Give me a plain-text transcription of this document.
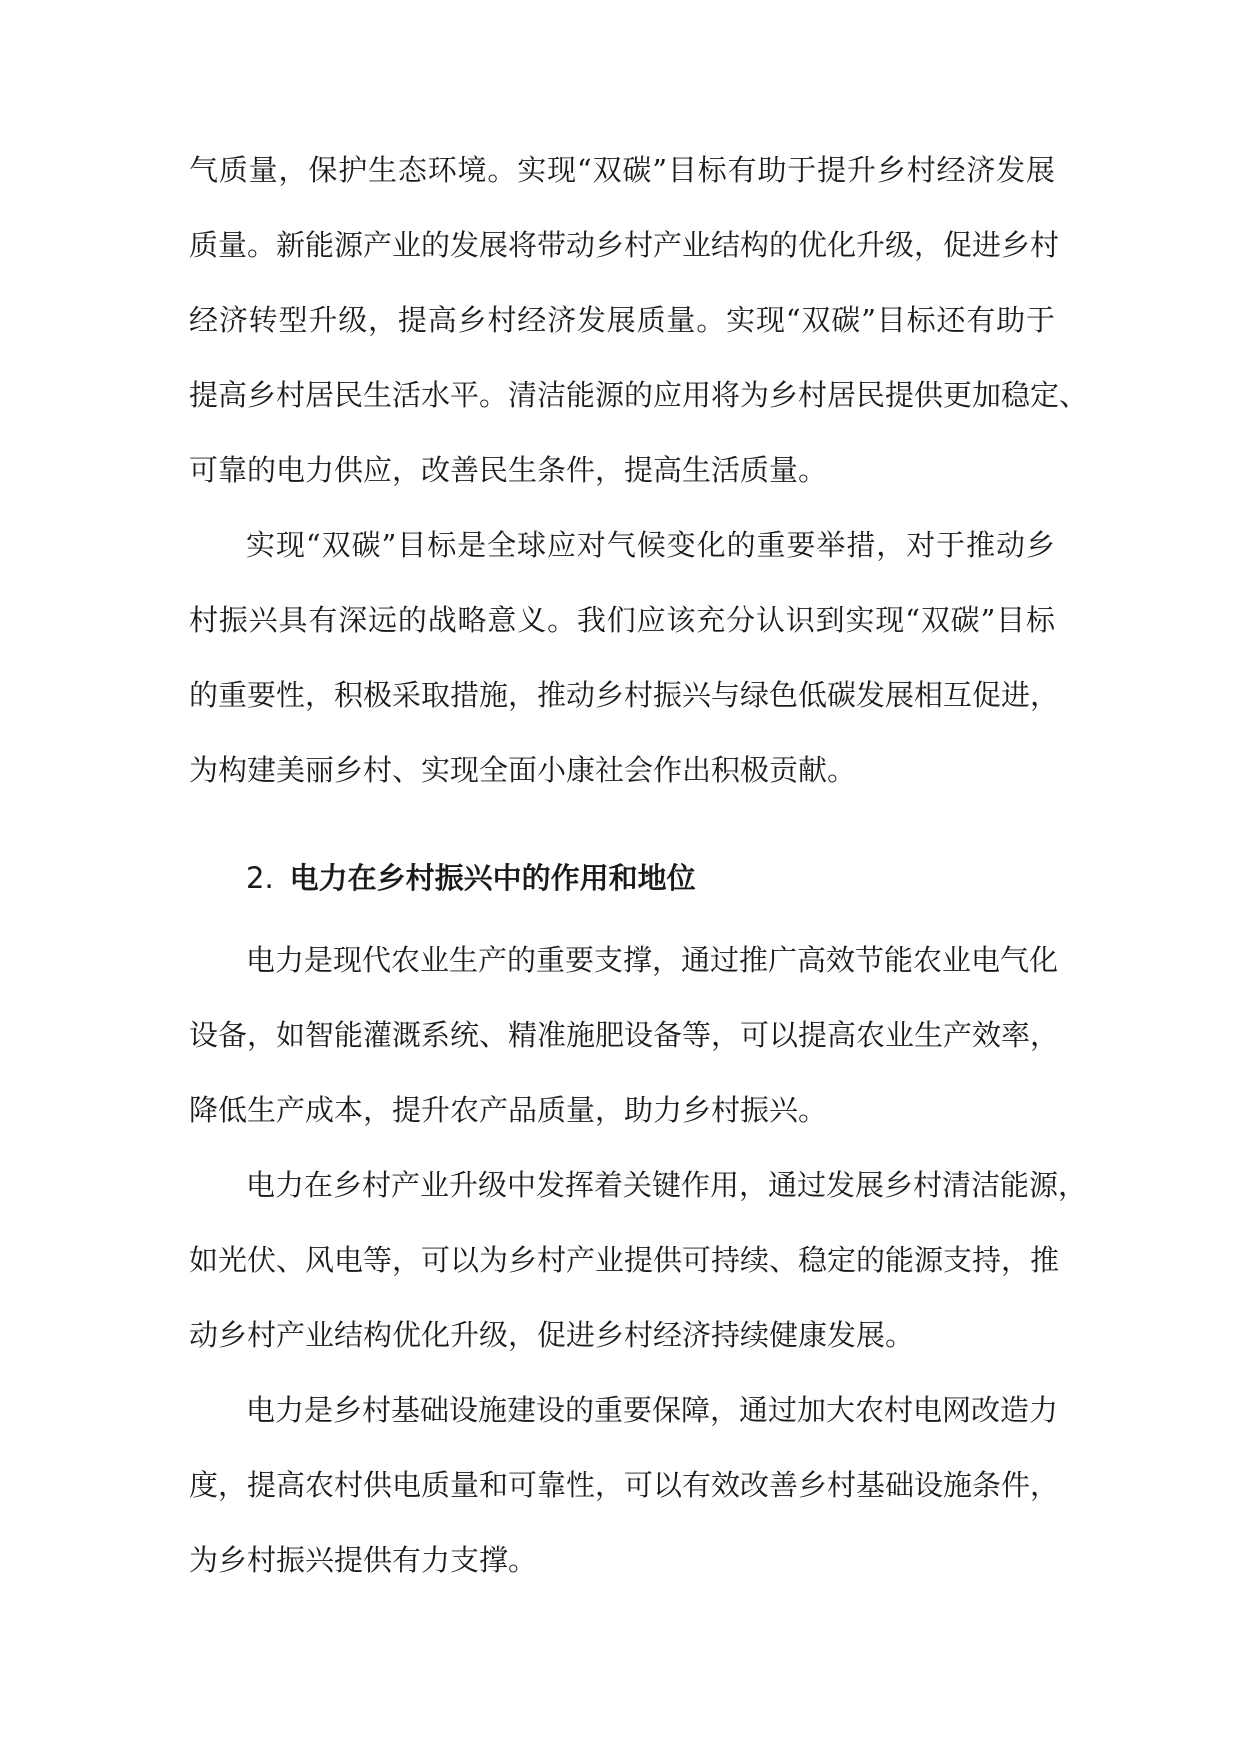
气质量，保护生态环境。实现“双碳”目标有助于提升乡村经济发展
质量。新能源产业的发展将带动乡村产业结构的优化升级，促进乡村
经济转型升级，提高乡村经济发展质量。实现“双碳”目标还有助于
提高乡村居民生活水平。清洁能源的应用将为乡村居民提供更加稳定、
可靠的电力供应，改善民生条件，提高生活质量。
实现“双碳”目标是全球应对气候变化的重要举措，对于推动乡
村振兴具有深远的战略意义。我们应该充分认识到实现“双碳”目标
的重要性，积极采取措施，推动乡村振兴与绿色低碳发展相互促进，
为构建美丽乡村、实现全面小康社会作出积极贡献。
2. 电力在乡村振兴中的作用和地位
电力是现代农业生产的重要支撑，通过推广高效节能农业电气化
设备，如智能灌溉系统、精准施肥设备等，可以提高农业生产效率，
降低生产成本，提升农产品质量，助力乡村振兴。
电力在乡村产业升级中发挥着关键作用，通过发展乡村清洁能源，
如光伏、风电等，可以为乡村产业提供可持续、稳定的能源支持，推
动乡村产业结构优化升级，促进乡村经济持续健康发展。
电力是乡村基础设施建设的重要保障，通过加大农村电网改造力
度，提高农村供电质量和可靠性，可以有效改善乡村基础设施条件，
为乡村振兴提供有力支撑。
